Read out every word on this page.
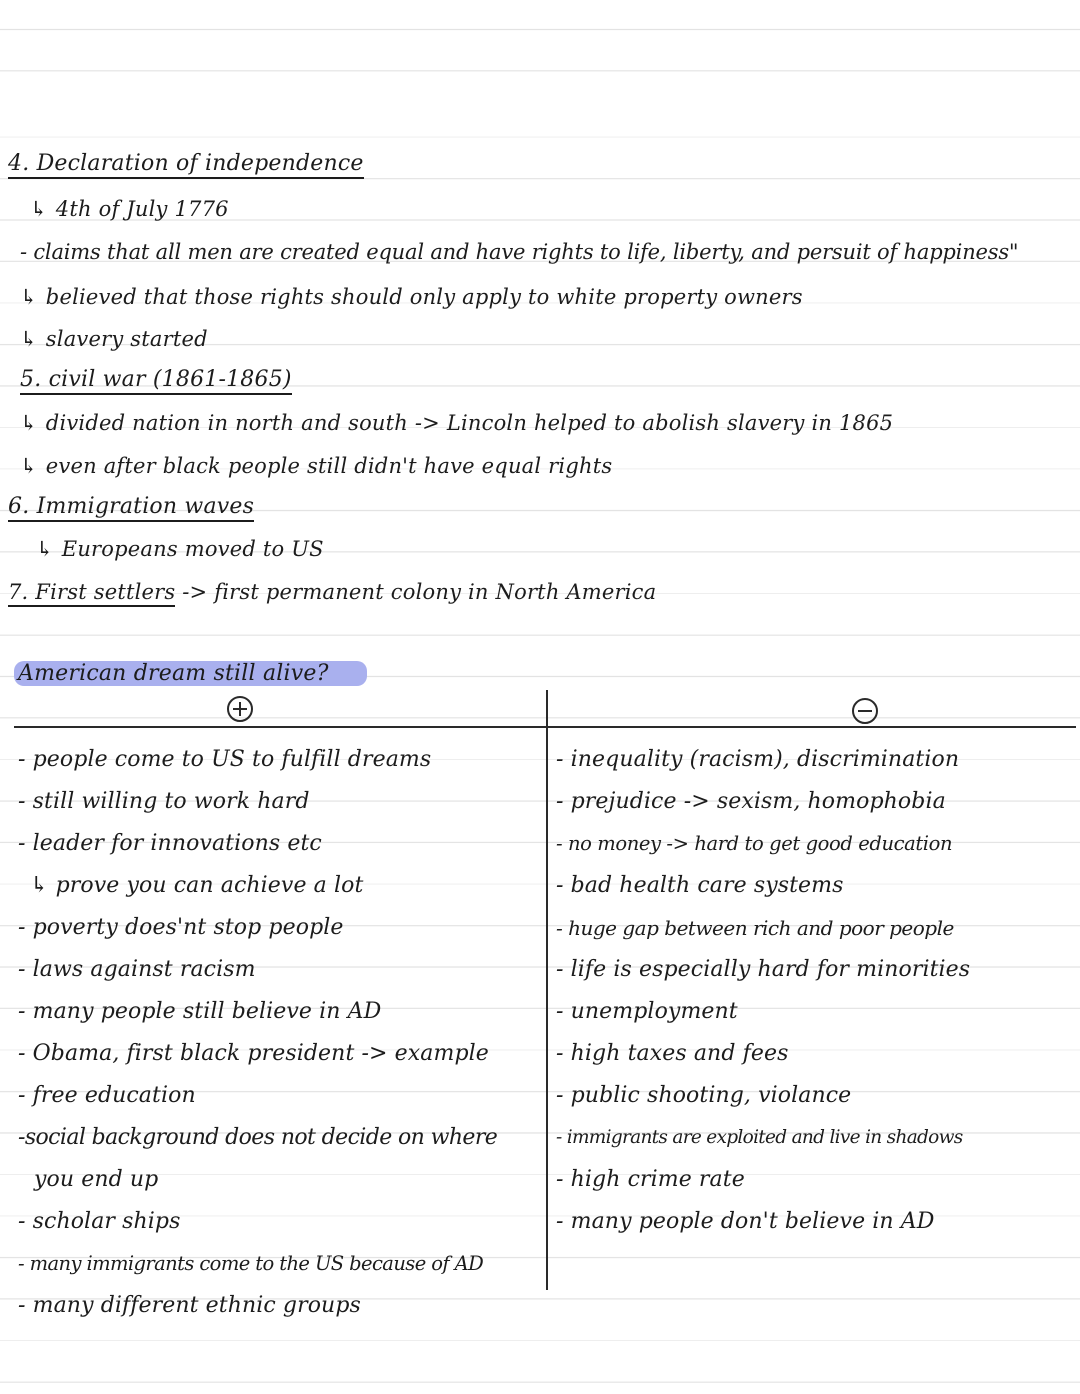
4. Declaration of independence
↳ 4th of July 1776
- claims that all men are created equal and have rights to life, liberty, and persuit of happiness"
↳ believed that those rights should only apply to white property owners
↳ slavery started
5. civil war (1861-1865)
↳ divided nation in north and south -> Lincoln helped to abolish slavery in 1865
↳ even after black people still didn't have equal rights
6. Immigration waves
↳ Europeans moved to US
7. First settlers -> first permanent colony in North America
American dream still alive?
- people come to US to fulfill dreams
- still willing to work hard
- leader for innovations etc
↳ prove you can achieve a lot
- poverty does'nt stop people
- laws against racism
- many people still believe in AD
- Obama, first black president -> example
- free education
-social background does not decide on where
you end up
- scholar ships
- many immigrants come to the US because of AD
- many different ethnic groups
- inequality (racism), discrimination
- prejudice -> sexism, homophobia
- no money -> hard to get good education
- bad health care systems
- huge gap between rich and poor people
- life is especially hard for minorities
- unemployment
- high taxes and fees
- public shooting, violance
- immigrants are exploited and live in shadows
- high crime rate
- many people don't believe in AD
